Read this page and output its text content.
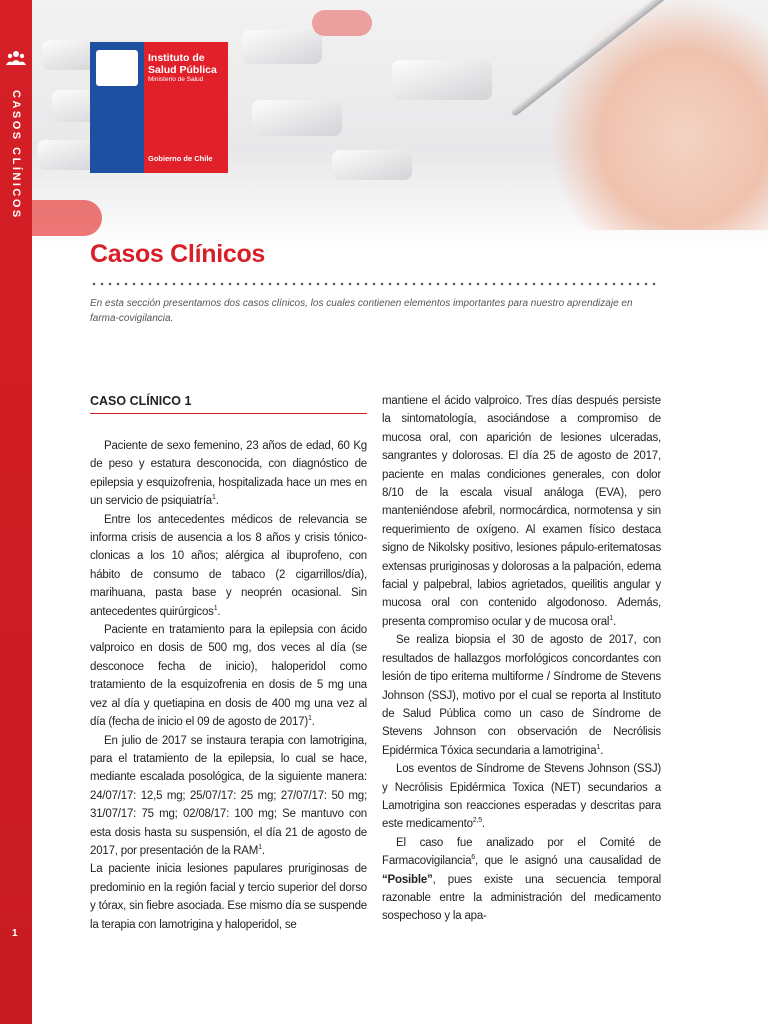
CASOS CLÍNICOS
1
Instituto de Salud Pública
Ministerio de Salud
Gobierno de Chile
Casos Clínicos
En esta sección presentamos dos casos clínicos, los cuales contienen elementos importantes para nuestro aprendizaje en farma-covigilancia.
CASO CLÍNICO 1

Paciente de sexo femenino, 23 años de edad, 60 Kg de peso y estatura desconocida, con diagnóstico de epilepsia y esquizofrenia, hospitalizada hace un mes en un servicio de psiquiatría$^1$.

Entre los antecedentes médicos de relevancia se informa crisis de ausencia a los 8 años y crisis tónico-clonicas a los 10 años; alérgica al ibuprofeno, con hábito de consumo de tabaco (2 cigarrillos/día), marihuana, pasta base y neoprén ocasional. Sin antecedentes quirúrgicos$^1$.

Paciente en tratamiento para la epilepsia con ácido valproico en dosis de 500 mg, dos veces al día (se desconoce fecha de inicio), haloperidol como tratamiento de la esquizofrenia en dosis de 5 mg una vez al día y quetiapina en dosis de 400 mg una vez al día (fecha de inicio el 09 de agosto de 2017)$^1$.

En julio de 2017 se instaura terapia con lamotrigina, para el tratamiento de la epilepsia, lo cual se hace, mediante escalada posológica, de la siguiente manera: 24/07/17: 12,5 mg; 25/07/17: 25 mg; 27/07/17: 50 mg; 31/07/17: 75 mg; 02/08/17: 100 mg; Se mantuvo con esta dosis hasta su suspensión, el día 21 de agosto de 2017, por presentación de la RAM$^1$.

La paciente inicia lesiones papulares pruriginosas de predominio en la región facial y tercio superior del dorso y tórax, sin fiebre asociada. Ese mismo día se suspende la terapia con lamotrigina y haloperidol, se

mantiene el ácido valproico. Tres días después persiste la sintomatología, asociándose a compromiso de mucosa oral, con aparición de lesiones ulceradas, sangrantes y dolorosas. El día 25 de agosto de 2017, paciente en malas condiciones generales, con dolor 8/10 de la escala visual análoga (EVA), pero manteniéndose afebril, normocárdica, normotensa y sin requerimiento de oxígeno. Al examen físico destaca signo de Nikolsky positivo, lesiones pápulo-eritematosas extensas pruriginosas y dolorosas a la palpación, edema facial y palpebral, labios agrietados, queilitis angular y mucosa oral con contenido algodonoso. Además, presenta compromiso ocular y de mucosa oral$^1$.

Se realiza biopsia el 30 de agosto de 2017, con resultados de hallazgos morfológicos concordantes con lesión de tipo eritema multiforme / Síndrome de Stevens Johnson (SSJ), motivo por el cual se reporta al Instituto de Salud Pública como un caso de Síndrome de Stevens Johnson con observación de Necrólisis Epidérmica Tóxica secundaria a lamotrigina$^1$.

Los eventos de Síndrome de Stevens Johnson (SSJ) y Necrólisis Epidérmica Toxica (NET) secundarios a Lamotrigina son reacciones esperadas y descritas para este medicamento$^{2,5}$.

El caso fue analizado por el Comité de Farmacovigilancia$^6$, que le asignó una causalidad de “Posible”, pues existe una secuencia temporal razonable entre la administración del medicamento sospechoso y la apa-
